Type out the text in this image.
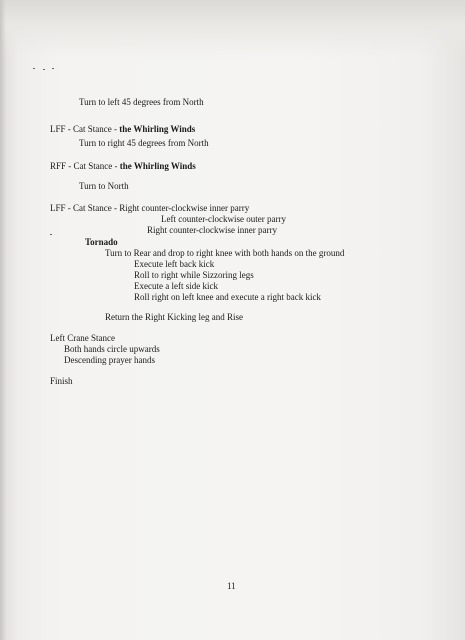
Turn to left 45 degrees from North
LFF - Cat Stance - the Whirling Winds
Turn to right 45 degrees from North
RFF - Cat Stance - the Whirling Winds
Turn to North
LFF - Cat Stance - Right counter-clockwise inner parry
Left counter-clockwise outer parry
Right counter-clockwise inner parry
Tornado
Turn to Rear and drop to right knee with both hands on the ground
Execute left back kick
Roll to right while Sizzoring legs
Execute a left side kick
Roll right on left knee and execute a right back kick
Return the Right Kicking leg and Rise
Left Crane Stance
Both hands circle upwards
Descending prayer hands
Finish
11
